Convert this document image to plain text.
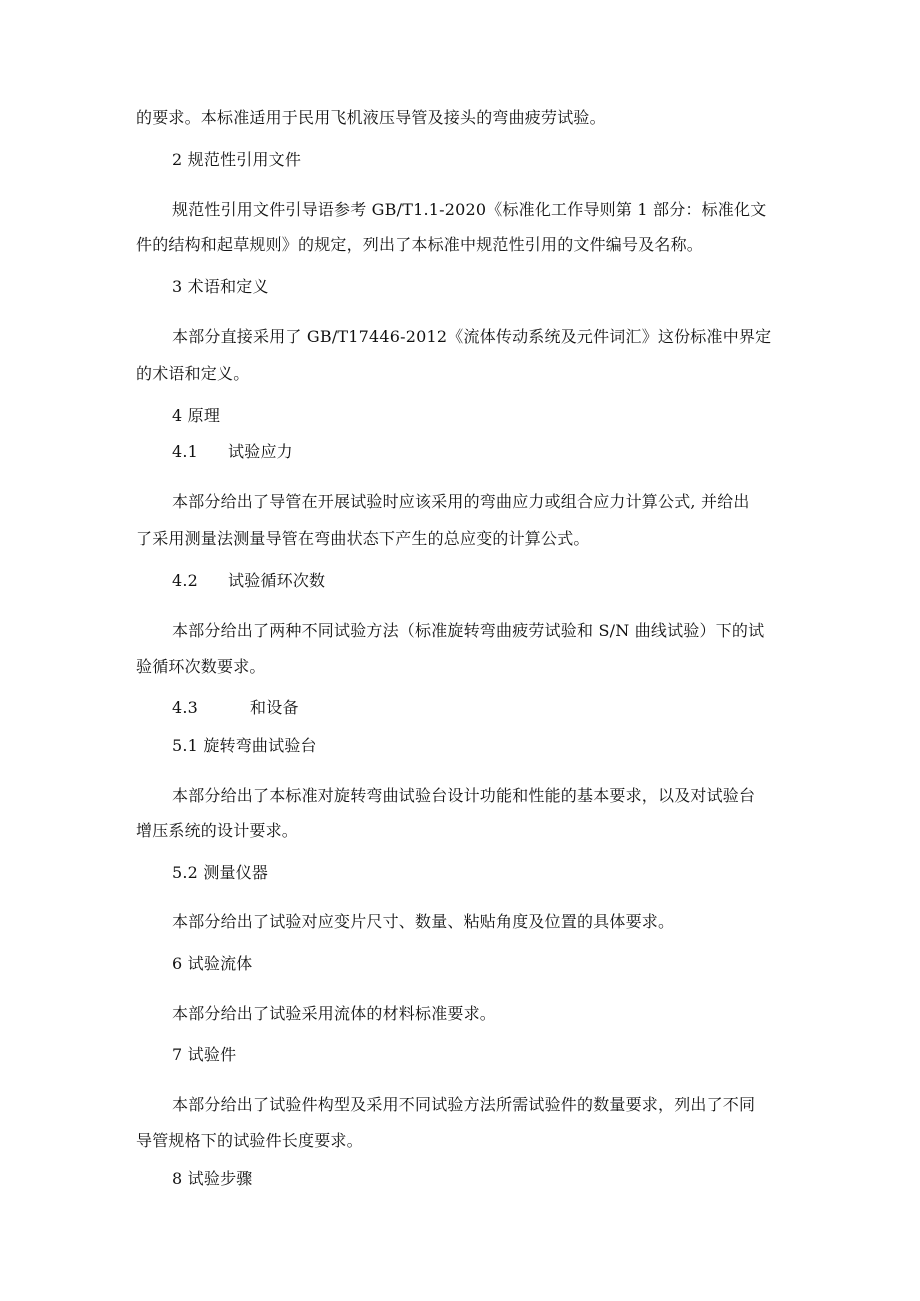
的要求。本标准适用于民用飞机液压导管及接头的弯曲疲劳试验。
2 规范性引用文件
规范性引用文件引导语参考 GB/T1.1-2020《标准化工作导则第 1 部分：标准化文
件的结构和起草规则》的规定，列出了本标准中规范性引用的文件编号及名称。
3 术语和定义
本部分直接采用了 GB/T17446-2012《流体传动系统及元件词汇》这份标准中界定
的术语和定义。
4 原理
4.1 试验应力
本部分给出了导管在开展试验时应该采用的弯曲应力或组合应力计算公式, 并给出
了采用测量法测量导管在弯曲状态下产生的总应变的计算公式。
4.2 试验循环次数
本部分给出了两种不同试验方法（标准旋转弯曲疲劳试验和 S/N 曲线试验）下的试
验循环次数要求。
4.3	和设备
5.1 旋转弯曲试验台
本部分给出了本标准对旋转弯曲试验台设计功能和性能的基本要求，以及对试验台
增压系统的设计要求。
5.2 测量仪器
本部分给出了试验对应变片尺寸、数量、粘贴角度及位置的具体要求。
6 试验流体
本部分给出了试验采用流体的材料标准要求。
7 试验件
本部分给出了试验件构型及采用不同试验方法所需试验件的数量要求，列出了不同
导管规格下的试验件长度要求。
8 试验步骤
